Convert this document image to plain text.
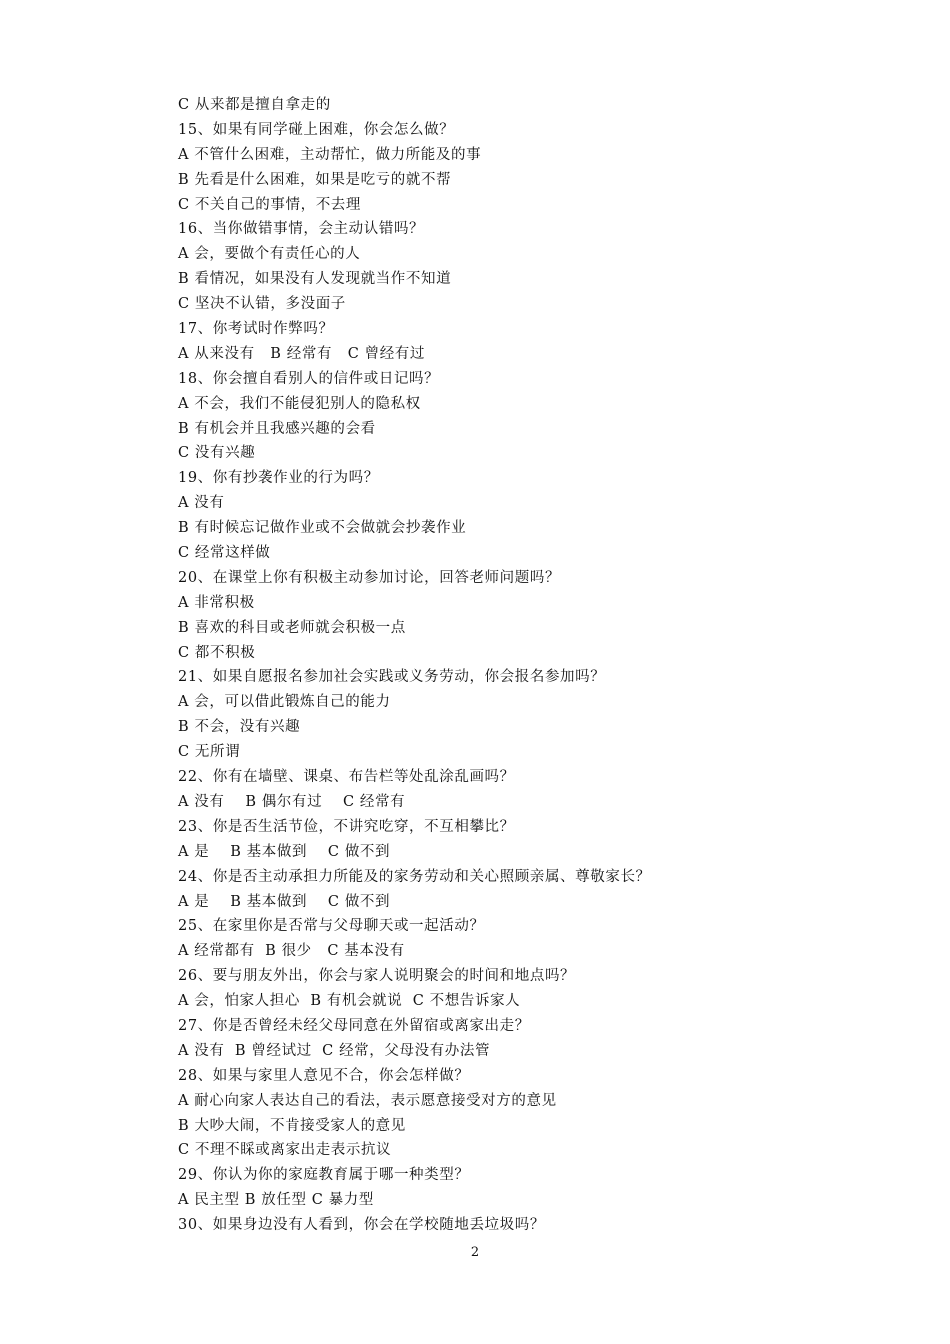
C 从来都是擅自拿走的
15、如果有同学碰上困难，你会怎么做？
A 不管什么困难，主动帮忙，做力所能及的事
B 先看是什么困难，如果是吃亏的就不帮
C 不关自己的事情，不去理
16、当你做错事情，会主动认错吗？
A 会，要做个有责任心的人
B 看情况，如果没有人发现就当作不知道
C 坚决不认错，多没面子
17、你考试时作弊吗？
A 从来没有   B 经常有   C 曾经有过
18、你会擅自看别人的信件或日记吗？
A 不会，我们不能侵犯别人的隐私权
B 有机会并且我感兴趣的会看
C 没有兴趣
19、你有抄袭作业的行为吗？
A 没有
B 有时候忘记做作业或不会做就会抄袭作业
C 经常这样做
20、在课堂上你有积极主动参加讨论，回答老师问题吗？
A 非常积极
B 喜欢的科目或老师就会积极一点
C 都不积极
21、如果自愿报名参加社会实践或义务劳动，你会报名参加吗？
A 会，可以借此锻炼自己的能力
B 不会，没有兴趣
C 无所谓
22、你有在墙壁、课桌、布告栏等处乱涂乱画吗？
A 没有    B 偶尔有过    C 经常有
23、你是否生活节俭，不讲究吃穿，不互相攀比？
A 是    B 基本做到    C 做不到
24、你是否主动承担力所能及的家务劳动和关心照顾亲属、尊敬家长？
A 是    B 基本做到    C 做不到
25、在家里你是否常与父母聊天或一起活动？
A 经常都有  B 很少   C 基本没有
26、要与朋友外出，你会与家人说明聚会的时间和地点吗？
A 会，怕家人担心  B 有机会就说  C 不想告诉家人
27、你是否曾经未经父母同意在外留宿或离家出走？
A 没有  B 曾经试过  C 经常，父母没有办法管
28、如果与家里人意见不合，你会怎样做？
A 耐心向家人表达自己的看法，表示愿意接受对方的意见
B 大吵大闹，不肯接受家人的意见
C 不理不睬或离家出走表示抗议
29、你认为你的家庭教育属于哪一种类型？
A 民主型 B 放任型 C 暴力型
30、如果身边没有人看到，你会在学校随地丢垃圾吗？
2
